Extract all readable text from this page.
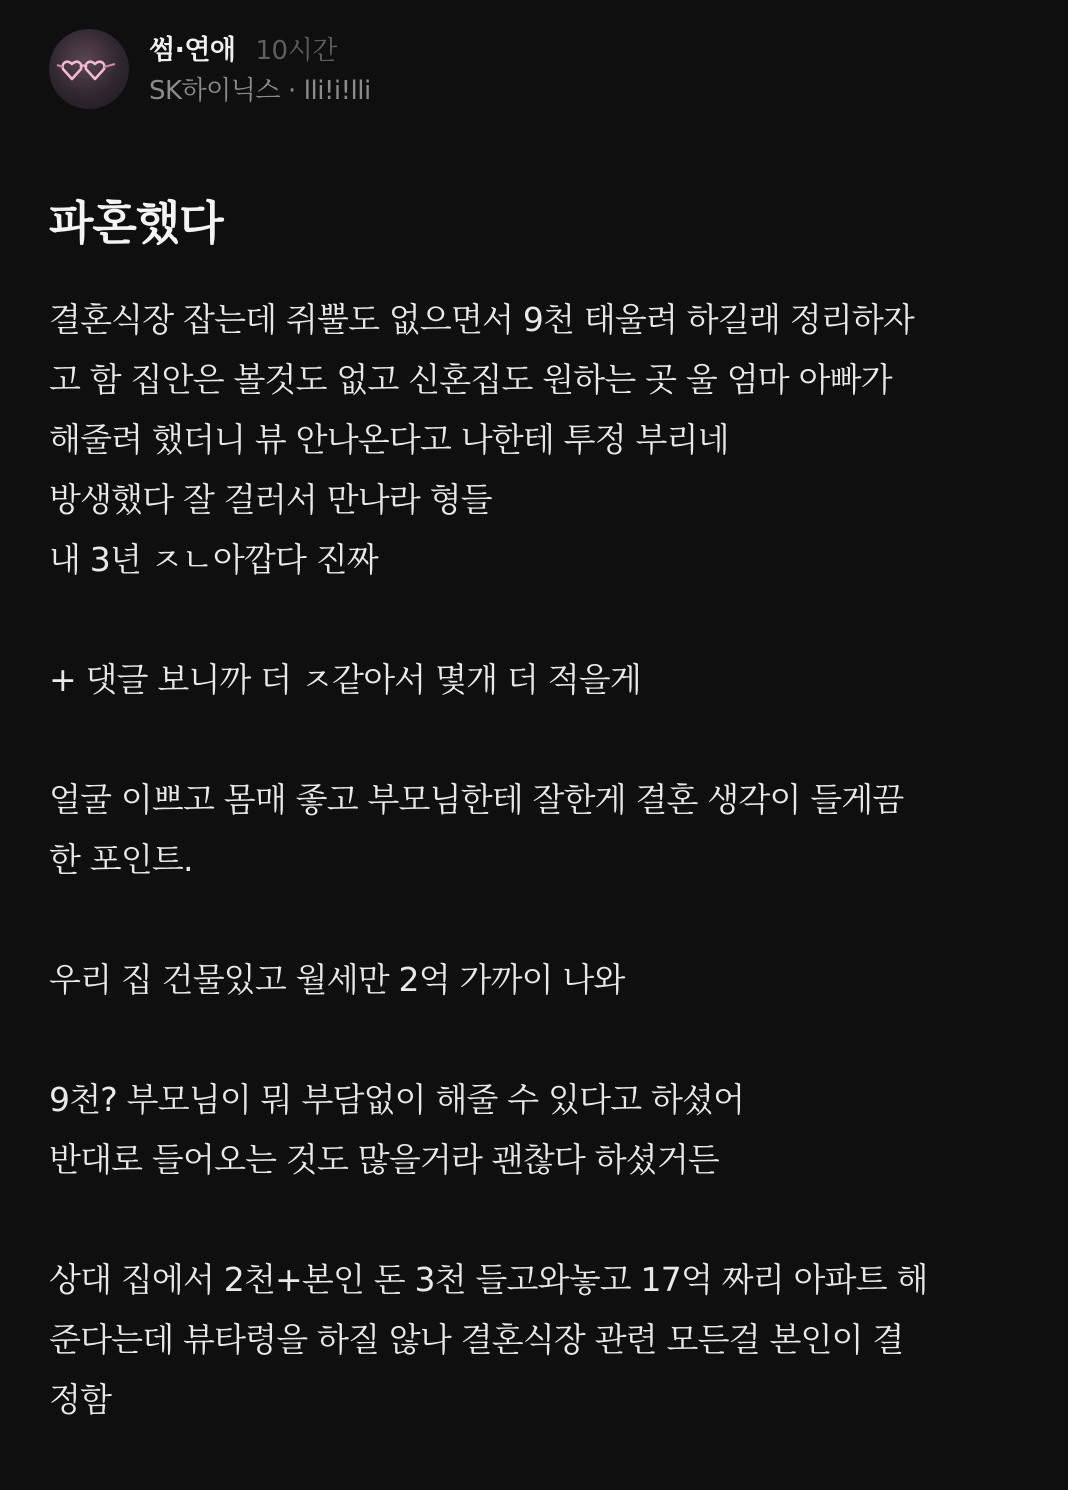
썸·연애 10시간
SK하이닉스 · lli!i!lli
파혼했다

결혼식장 잡는데 쥐뿔도 없으면서 9천 태울려 하길래 정리하자
고 함 집안은 볼것도 없고 신혼집도 원하는 곳 울 엄마 아빠가
해줄려 했더니 뷰 안나온다고 나한테 투정 부리네
방생했다 잘 걸러서 만나라 형들
내 3년 ㅈㄴ아깝다 진짜

+ 댓글 보니까 더 ㅈ같아서 몇개 더 적을게

얼굴 이쁘고 몸매 좋고 부모님한테 잘한게 결혼 생각이 들게끔
한 포인트.

우리 집 건물있고 월세만 2억 가까이 나와

9천? 부모님이 뭐 부담없이 해줄 수 있다고 하셨어
반대로 들어오는 것도 많을거라 괜찮다 하셨거든

상대 집에서 2천+본인 돈 3천 들고와놓고 17억 짜리 아파트 해
준다는데 뷰타령을 하질 않나 결혼식장 관련 모든걸 본인이 결
정함
